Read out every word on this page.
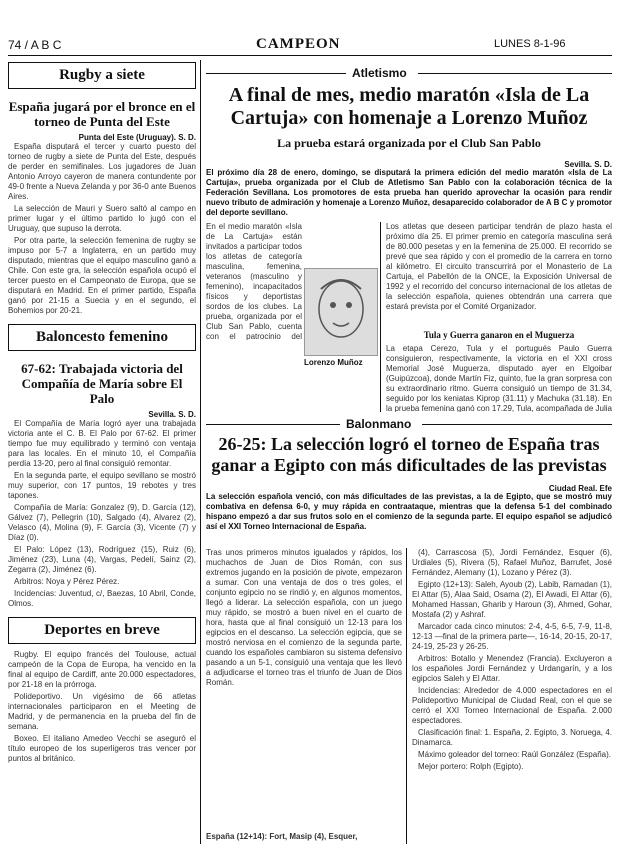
74 / A B C	CAMPEON	LUNES 8-1-96
Rugby a siete
España jugará por el bronce en el torneo de Punta del Este
Punta del Este (Uruguay). S. D.

España disputará el tercer y cuarto puesto del torneo de rugby a siete de Punta del Este, después de perder en semifinales. Los jugadores de Juan Antonio Arroyo cayeron de manera contundente por 49-0 frente a Nueva Zelanda y por 36-0 ante Buenos Aires.

La selección de Mauri y Suero saltó al campo en primer lugar y el último partido lo jugó con el Uruguay, que supuso la derrota.

Por otra parte, la selección femenina de rugby se impuso por 5-7 a Inglaterra, en un partido muy disputado, mientras que el equipo masculino ganó a Chile. Con este gra, la selección española ocupó el tercer puesto en el Campeonato de Europa, que se disputará en Madrid. En el primer partido, España ganó por 21-15 a Suecia y en el segundo, el Bohemios por 20-21.

Baloncesto femenino
67-62: Trabajada victoria del Compañía de María sobre El Palo
Sevilla. S. D.

El Compañía de María logró ayer una trabajada victoria ante el C. B. El Palo por 67-62. El primer tiempo fue muy equilibrado y terminó con ventaja para las locales. En el minuto 10, el Compañía perdía 13-20, pero al final consiguió remontar.

En la segunda parte, el equipo sevillano se mostró muy superior, con 17 puntos, 19 rebotes y tres tapones.

Compañía de María: Gonzalez (9), D. García (12), Gálvez (7), Pellegrin (10), Salgado (4), Alvarez (2), Velasco (4), Molina (9), F. García (3), Vicente (7) y Díaz (0).

El Palo: López (13), Rodríguez (15), Ruiz (6), Jiménez (23), Luna (4), Vargas, Pedelí, Sainz (2), Zegarra (2), Jiménez (6).

Arbitros: Noya y Pérez Pérez.

Incidencias: Juventud, c/, Baezas, 10 Abril, Conde, Olmos.

Deportes en breve

Rugby. El equipo francés del Toulouse, actual campeón de la Copa de Europa, ha vencido en la final al equipo de Cardiff, ante 20.000 espectadores, por 21-18 en la prórroga.

Polideportivo. Un vigésimo de 66 atletas internacionales participaron en el Meeting de Madrid, y de permanencia en la prueba del fin de semana.

Boxeo. El italiano Amedeo Vecchi se aseguró el título europeo de los superligeros tras vencer por puntos al británico.

Atletismo
A final de mes, medio maratón «Isla de La Cartuja» con homenaje a Lorenzo Muñoz
La prueba estará organizada por el Club San Pablo
Sevilla. S. D.
El próximo día 28 de enero, domingo, se disputará la primera edición del medio maratón «Isla de La Cartuja», prueba organizada por el Club de Atletismo San Pablo con la colaboración técnica de la Federación Sevillana. Los promotores de esta prueba han querido aprovechar la ocasión para rendir nuevo tributo de admiración y homenaje a Lorenzo Muñoz, desaparecido colaborador de A B C y promotor del deporte sevillano.
En el medio maratón «Isla de La Cartuja» están invitados a participar todos los atletas de categoría masculina, femenina, veteranos (masculino y femenino), incapacitados físicos y deportistas sordos de los clubes. La prueba, organizada por el Club San Pablo, cuenta con el patrocinio del
Lorenzo Muñoz
Los atletas que deseen participar tendrán de plazo hasta el próximo día 25. El primer premio en categoría masculina será de 80.000 pesetas y en la femenina de 25.000. El recorrido se prevé que sea rápido y con el promedio de la carrera en torno al kilómetro. El circuito transcurrirá por el Monasterio de La Cartuja, el Pabellón de la ONCE, la Exposición Universal de 1992 y el recorrido del concurso internacional de los atletas de la selección española, quienes obtendrán una carrera que estará prevista por el Comité Organizador.
Tula y Guerra ganaron en el Muguerza
La etapa Cerezo, Tula y el portugués Paulo Guerra consiguieron, respectivamente, la victoria en el XXI cross Memorial José Muguerza, disputado ayer en Elgoibar (Guipúzcoa), donde Martín Fiz, quinto, fue la gran sorpresa con su extraordinario ritmo. Guerra consiguió un tiempo de 31.34, seguido por los keniatas Kiprop (31.11) y Machuka (31.18). En la prueba femenina ganó con 17.29, Tula, acompañada de Julia
Balonmano
26-25: La selección logró el torneo de España tras ganar a Egipto con más dificultades de las previstas
Ciudad Real. Efe
La selección española venció, con más dificultades de las previstas, a la de Egipto, que se mostró muy combativa en defensa 6-0, y muy rápida en contraataque, mientras que la defensa 5-1 del combinado hispano empezó a dar sus frutos solo en el comienzo de la segunda parte. El equipo español se adjudicó así el XXI Torneo Internacional de España.
Tras unos primeros minutos igualados y rápidos, los muchachos de Juan de Dios Román, con sus extremos jugando en la posición de pivote, empezaron a sumar. Con una ventaja de dos o tres goles, el conjunto egipcio no se rindió y, en algunos momentos, llegó a liderar. La selección española, con un juego muy rápido, se mostró a buen nivel en el cuarto de hora, hasta que al final consiguió un 12-13 para los egipcios en el descanso. La selección egipcia, que se mostró nerviosa en el comienzo de la segunda parte, cuando los españoles cambiaron su sistema defensivo pasando a un 5-1, consiguió una ventaja que les llevó a adjudicarse el torneo tras el triunfo de Juan de Dios Román.
España (12+14): Fort, Masip (4), Esquer,

(4), Carrascosa (5), Jordi Fernández, Esquer (6), Urdiales (5), Rivera (5), Rafael Muñoz, Barrufet, José Fernández, Alemany (1), Lozano y Pérez (3).

Egipto (12+13): Saleh, Ayoub (2), Labib, Ramadan (1), El Attar (5), Alaa Said, Osama (2), El Awadi, El Attar (6), Mohamed Hassan, Gharib y Haroun (3), Ahmed, Gohar, Mostafa (2) y Ashraf.

Marcador cada cinco minutos: 2-4, 4-5, 6-5, 7-9, 11-8, 12-13 —final de la primera parte—, 16-14, 20-15, 20-17, 24-19, 25-23 y 26-25.

Arbitros: Botallo y Menendez (Francia). Excluyeron a los españoles Jordi Fernández y Urdangarín, y a los egipcios Saleh y El Attar.

Incidencias: Alrededor de 4.000 espectadores en el Polideportivo Municipal de Ciudad Real, con el que se cerró el XXI Torneo Internacional de España. 2.000 espectadores.

Clasificación final: 1. España, 2. Egipto, 3. Noruega, 4. Dinamarca.

Máximo goleador del torneo: Raúl González (España).

Mejor portero: Rolph (Egipto).
